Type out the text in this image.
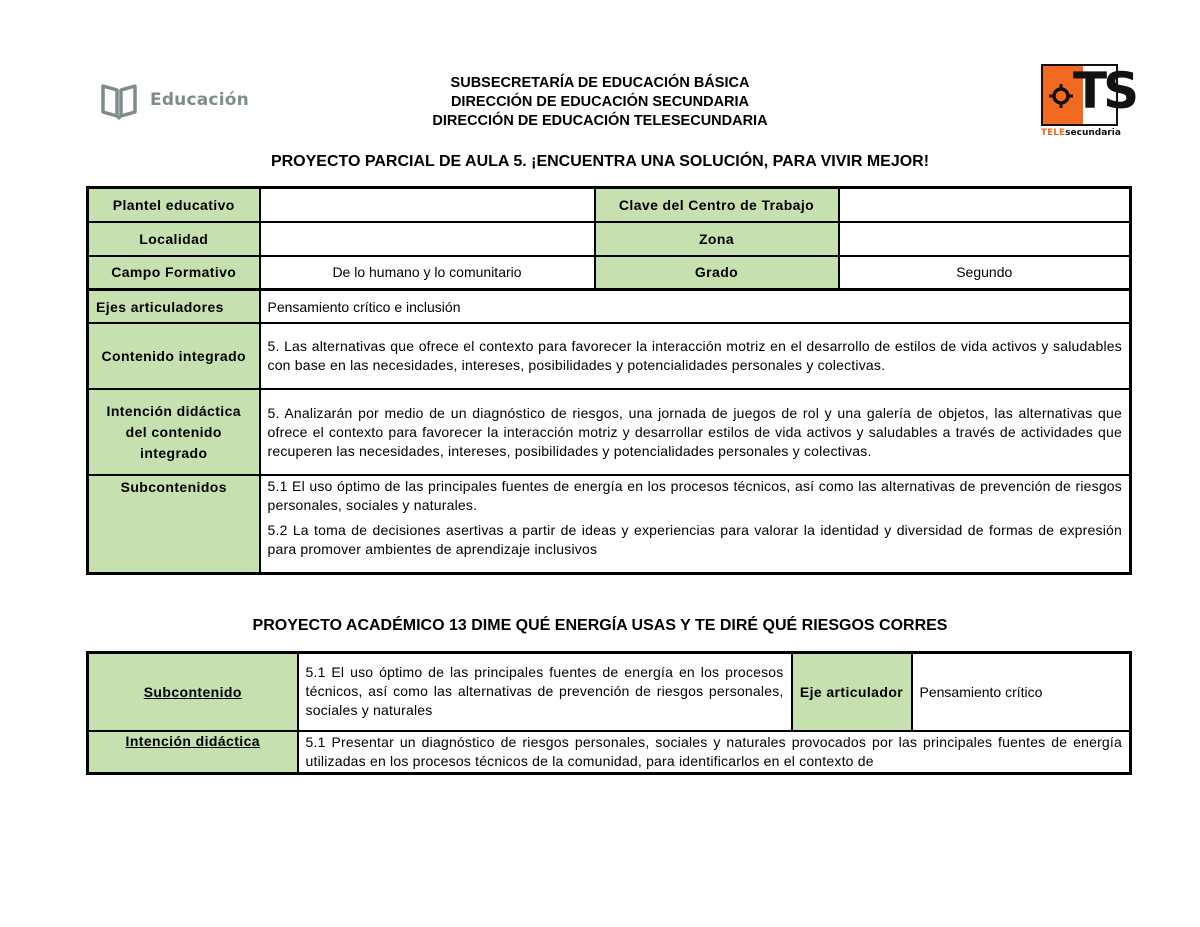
Educación
SUBSECRETARÍA DE EDUCACIÓN BÁSICA
DIRECCIÓN DE EDUCACIÓN SECUNDARIA
DIRECCIÓN DE EDUCACIÓN TELESECUNDARIA
TS
TELEsecundaria
PROYECTO PARCIAL DE AULA 5. ¡ENCUENTRA UNA SOLUCIÓN, PARA VIVIR MEJOR!
Plantel educativo		Clave del Centro de Trabajo	
Localidad		Zona	
Campo Formativo	De lo humano y lo comunitario	Grado	Segundo
Ejes articuladores	Pensamiento crítico e inclusión
Contenido integrado	5. Las alternativas que ofrece el contexto para favorecer la interacción motriz en el desarrollo de estilos de vida activos y saludables con base en las necesidades, intereses, posibilidades y potencialidades personales y colectivas.
Intención didáctica del contenido integrado	5. Analizarán por medio de un diagnóstico de riesgos, una jornada de juegos de rol y una galería de objetos, las alternativas que ofrece el contexto para favorecer la interacción motriz y desarrollar estilos de vida activos y saludables a través de actividades que recuperen las necesidades, intereses, posibilidades y potencialidades personales y colectivas.
Subcontenidos	5.1 El uso óptimo de las principales fuentes de energía en los procesos técnicos, así como las alternativas de prevención de riesgos personales, sociales y naturales.
5.2 La toma de decisiones asertivas a partir de ideas y experiencias para valorar la identidad y diversidad de formas de expresión para promover ambientes de aprendizaje inclusivos
PROYECTO ACADÉMICO 13 DIME QUÉ ENERGÍA USAS Y TE DIRÉ QUÉ RIESGOS CORRES
Subcontenido	5.1 El uso óptimo de las principales fuentes de energía en los procesos técnicos, así como las alternativas de prevención de riesgos personales, sociales y naturales	Eje articulador	Pensamiento crítico
Intención didáctica	5.1 Presentar un diagnóstico de riesgos personales, sociales y naturales provocados por las principales fuentes de energía utilizadas en los procesos técnicos de la comunidad, para identificarlos en el contexto de		
